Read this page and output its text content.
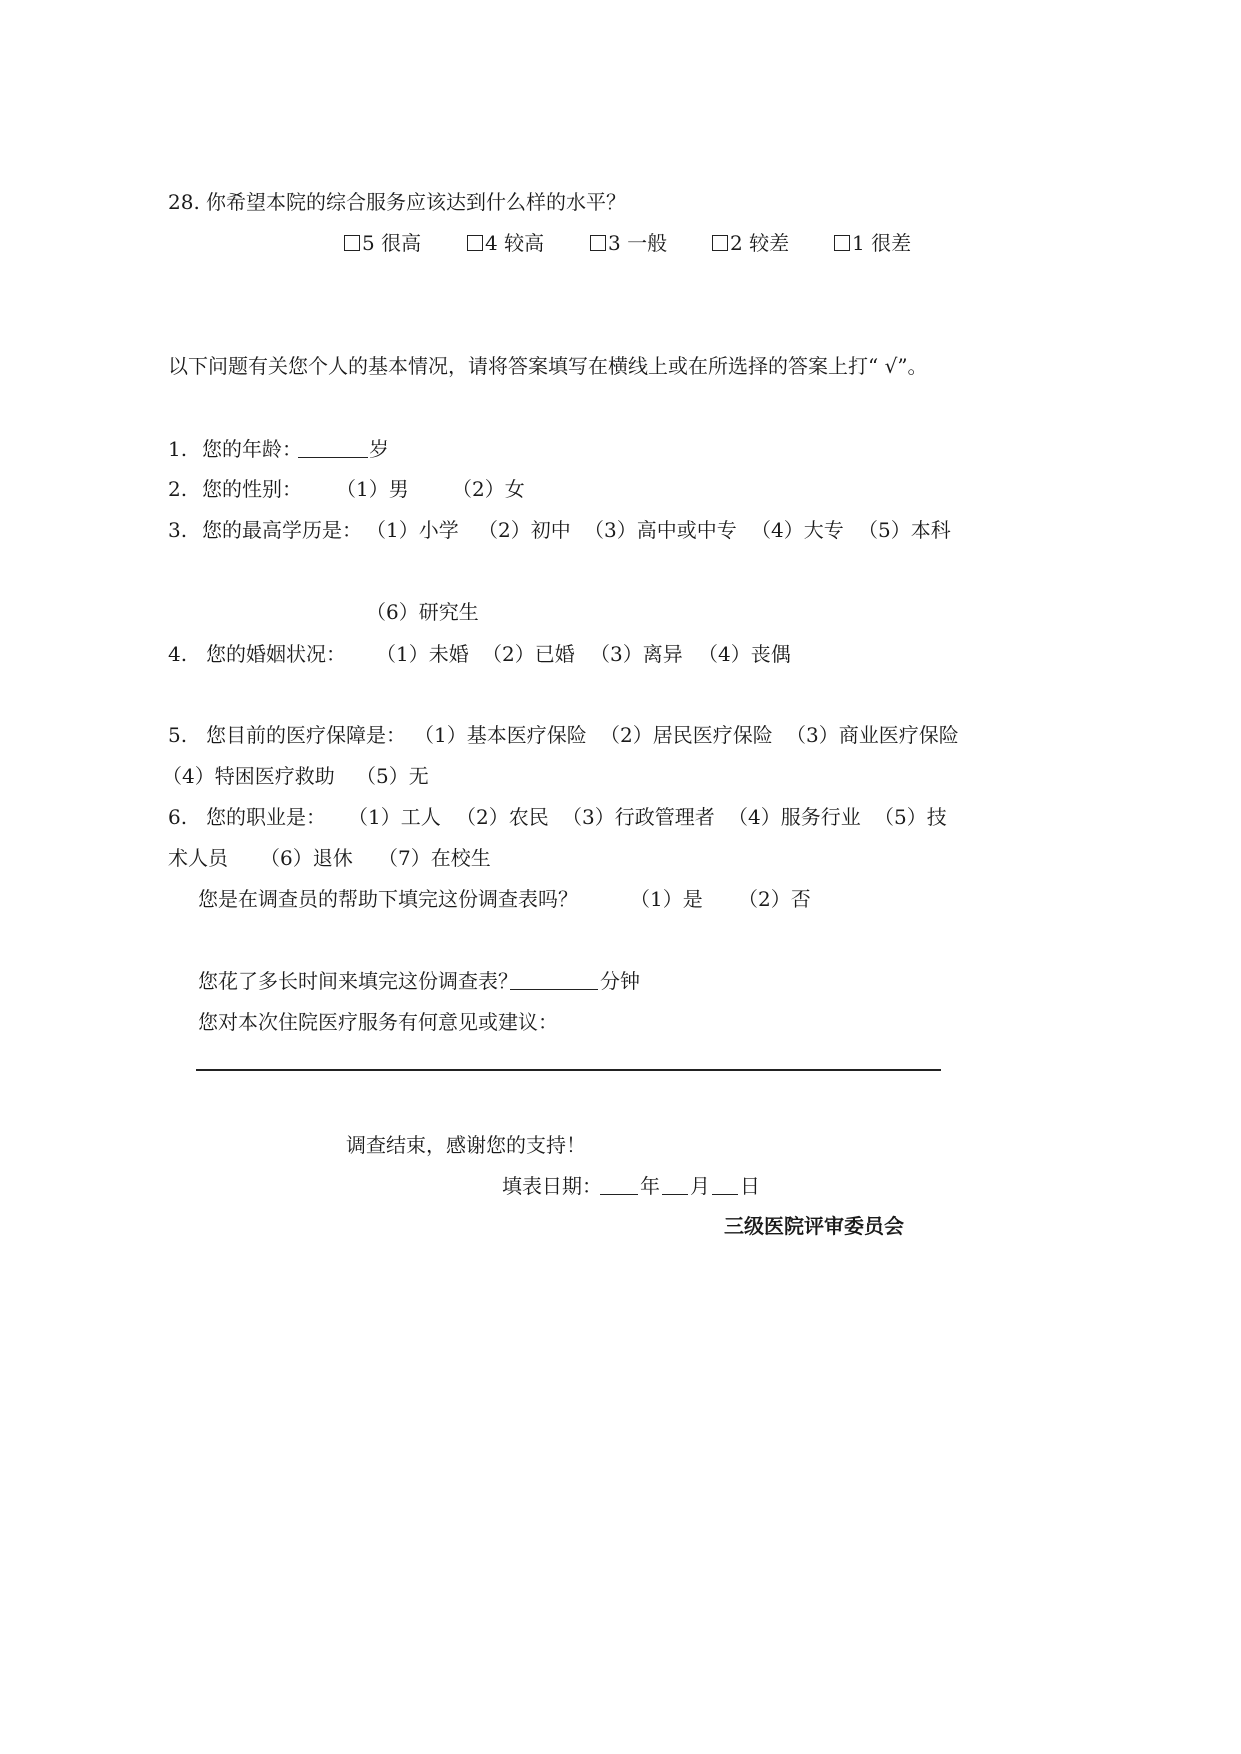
28. 你希望本院的综合服务应该达到什么样的水平？
5 很高	4 较高	3 一般	2 较差	1 很差
以下问题有关您个人的基本情况，请将答案填写在横线上或在所选择的答案上打“ √”。
1. 您的年龄：	岁
2. 您的性别： （1）男 （2）女
3. 您的最高学历是： （1）小学 （2）初中 （3）高中或中专 （4）大专 （5）本科
（6）研究生
4. 您的婚姻状况： （1）未婚 （2）已婚 （3）离异 （4）丧偶
5. 您目前的医疗保障是： （1）基本医疗保险 （2）居民医疗保险 （3）商业医疗保险
（4）特困医疗救助 （5）无
6. 您的职业是： （1）工人 （2）农民 （3）行政管理者 （4）服务行业 （5）技
术人员 （6）退休 （7）在校生
您是在调查员的帮助下填完这份调查表吗？	（1）是 （2）否
您花了多长时间来填完这份调查表？	分钟
您对本次住院医疗服务有何意见或建议：
调查结束，感谢您的支持！
填表日期： 年 月 日
三级医院评审委员会
